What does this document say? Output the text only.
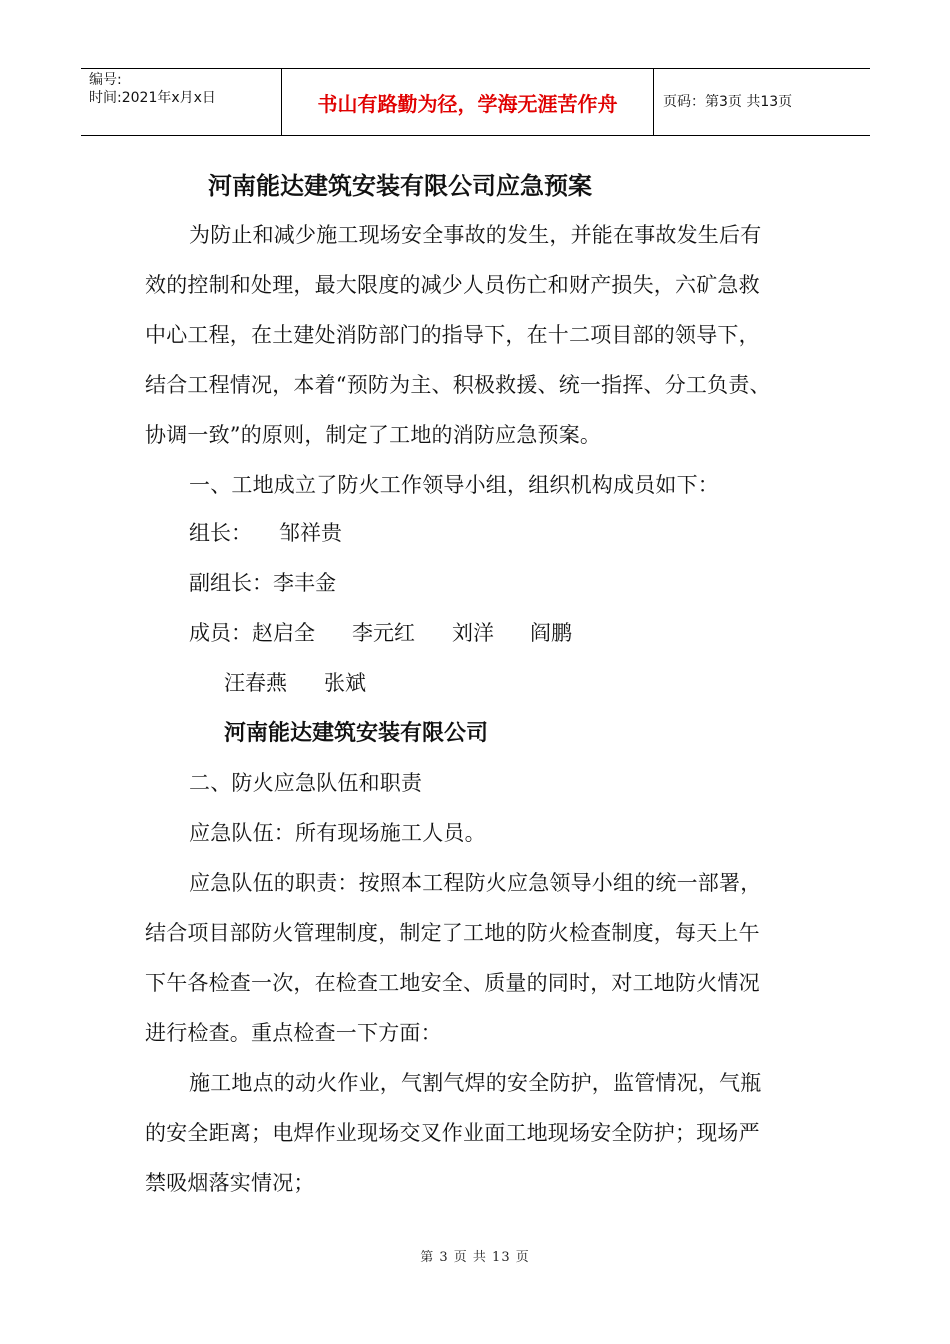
编号:
时间:2021年x月x日	书山有路勤为径，学海无涯苦作舟	页码：第3页 共13页
河南能达建筑安装有限公司应急预案
为防止和减少施工现场安全事故的发生，并能在事故发生后有
效的控制和处理，最大限度的减少人员伤亡和财产损失，六矿急救
中心工程，在土建处消防部门的指导下，在十二项目部的领导下，
结合工程情况，本着“预防为主、积极救援、统一指挥、分工负责、
协调一致”的原则，制定了工地的消防应急预案。
一、工地成立了防火工作领导小组，组织机构成员如下：
组长： 邹祥贵
副组长：李丰金
成员：赵启全 李元红 刘洋 阎鹏
汪春燕 张斌
河南能达建筑安装有限公司
二、防火应急队伍和职责
应急队伍：所有现场施工人员。
应急队伍的职责：按照本工程防火应急领导小组的统一部署，
结合项目部防火管理制度，制定了工地的防火检查制度，每天上午
下午各检查一次，在检查工地安全、质量的同时，对工地防火情况
进行检查。重点检查一下方面：
施工地点的动火作业，气割气焊的安全防护，监管情况，气瓶
的安全距离；电焊作业现场交叉作业面工地现场安全防护；现场严
禁吸烟落实情况；
第 3 页 共 13 页
